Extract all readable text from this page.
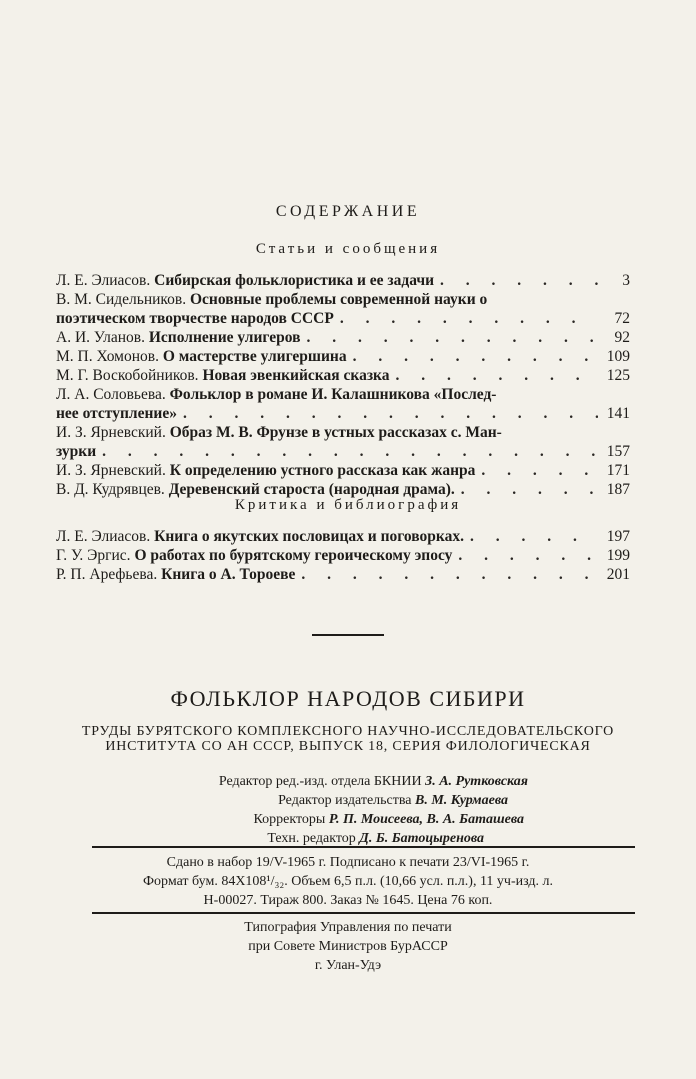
СОДЕРЖАНИЕ
Статьи и сообщения
Л. Е. Элиасов. Сибирская фольклористика и ее задачи . . .	3
В. М. Сидельников. Основные проблемы современной науки о
поэтическом творчестве народов СССР . . .	72
А. И. Уланов. Исполнение улигеров . . .	92
М. П. Хомонов. О мастерстве улигершина . . .	109
М. Г. Воскобойников. Новая эвенкийская сказка . . .	125
Л. А. Соловьева. Фольклор в романе И. Калашникова «Послед-
нее отступление» . . .	141
И. З. Ярневский. Образ М. В. Фрунзе в устных рассказах с. Ман-
зурки . . .	157
И. З. Ярневский. К определению устного рассказа как жанра . . .	171
В. Д. Кудрявцев. Деревенский староста (народная драма). . . .	187
Критика и библиография
Л. Е. Элиасов. Книга о якутских пословицах и поговорках. . . .	197
Г. У. Эргис. О работах по бурятскому героическому эпосу . . .	199
Р. П. Арефьева. Книга о А. Тороеве . . .	201
ФОЛЬКЛОР НАРОДОВ СИБИРИ
ТРУДЫ БУРЯТСКОГО КОМПЛЕКСНОГО НАУЧНО-ИССЛЕДОВАТЕЛЬСКОГО
ИНСТИТУТА СО АН СССР, ВЫПУСК 18, СЕРИЯ ФИЛОЛОГИЧЕСКАЯ
Редактор ред.-изд. отдела БКНИИ З. А. Рутковская
Редактор издательства В. М. Курмаева
Корректоры Р. П. Моисеева, В. А. Баташева
Техн. редактор Д. Б. Батоцыренова
Сдано в набор 19/V-1965 г. Подписано к печати 23/VI-1965 г.
Формат бум. 84Х108¹/₃₂. Объем 6,5 п.л. (10,66 усл. п.л.), 11 уч-изд. л.
Н-00027. Тираж 800. Заказ № 1645. Цена 76 коп.
Типография Управления по печати
при Совете Министров БурАССР
г. Улан-Удэ
